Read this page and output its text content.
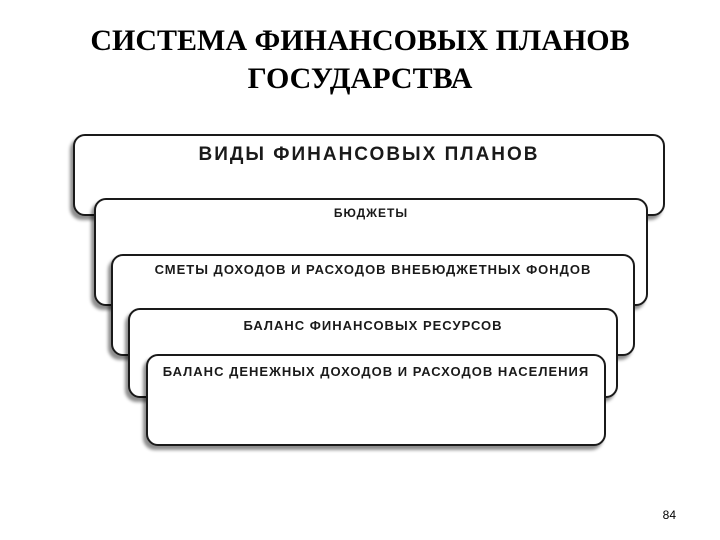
СИСТЕМА ФИНАНСОВЫХ ПЛАНОВ
ГОСУДАРСТВА
ВИДЫ ФИНАНСОВЫХ ПЛАНОВ
БЮДЖЕТЫ
СМЕТЫ ДОХОДОВ И РАСХОДОВ ВНЕБЮДЖЕТНЫХ ФОНДОВ
БАЛАНС ФИНАНСОВЫХ РЕСУРСОВ
БАЛАНС ДЕНЕЖНЫХ ДОХОДОВ И РАСХОДОВ НАСЕЛЕНИЯ
84
